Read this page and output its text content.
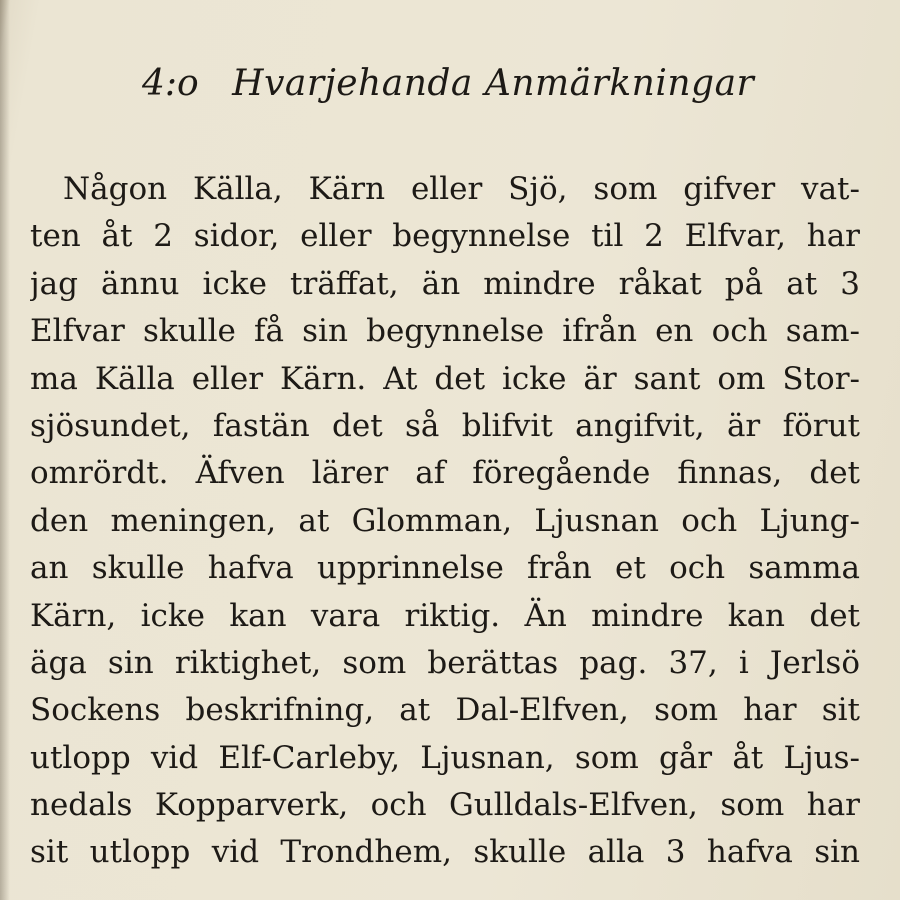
4:o Hvarjehanda Anmärkningar
Någon Källa, Kärn eller Sjö, som gifver vat-
ten åt 2 sidor, eller begynnelse til 2 Elfvar, har
jag ännu icke träffat, än mindre råkat på at 3
Elfvar skulle få sin begynnelse ifrån en och sam-
ma Källa eller Kärn. At det icke är sant om Stor-
sjösundet, fastän det så blifvit angifvit, är förut
omrördt. Äfven lärer af föregående finnas, det
den meningen, at Glomman, Ljusnan och Ljung-
an skulle hafva upprinnelse från et och samma
Kärn, icke kan vara riktig. Än mindre kan det
äga sin riktighet, som berättas pag. 37, i Jerlsö
Sockens beskrifning, at Dal-Elfven, som har sit
utlopp vid Elf-Carleby, Ljusnan, som går åt Ljus-
nedals Kopparverk, och Gulldals-Elfven, som har
sit utlopp vid Trondhem, skulle alla 3 hafva sin
